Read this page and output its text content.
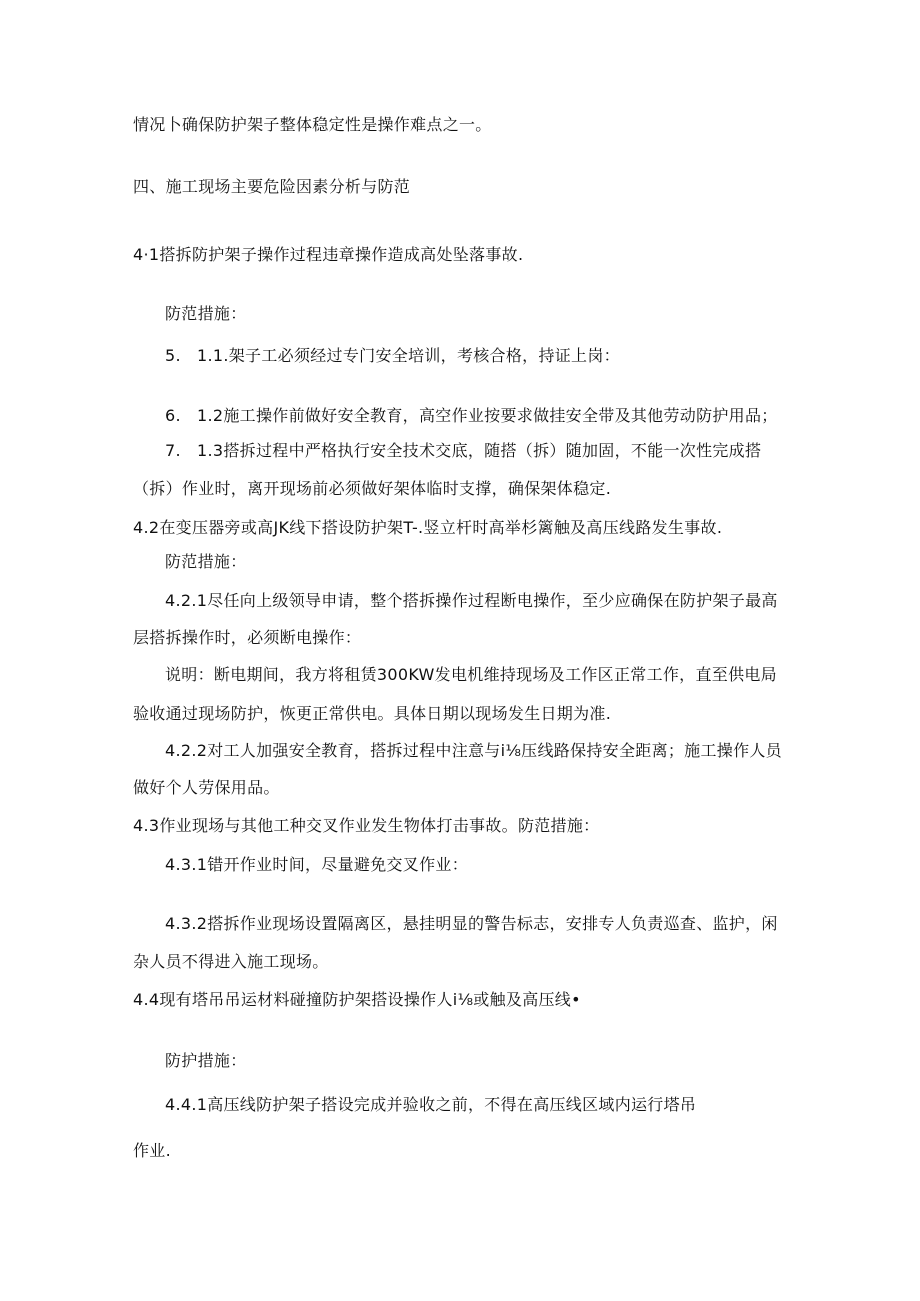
情况卜确保防护架子整体稳定性是操作难点之一。

四、施工现场主要危险因素分析与防范

4·1搭拆防护架子操作过程违章操作造成高处坠落事故.

防范措施：

5.   1.1.架子工必须经过专门安全培训，考核合格，持证上岗：

6.   1.2施工操作前做好安全教育，高空作业按要求做挂安全带及其他劳动防护用品；

7.   1.3搭拆过程中严格执行安全技术交底，随搭（拆）随加固，不能一次性完成搭

（拆）作业时，离开现场前必须做好架体临时支撑，确保架体稳定.

4.2在变压器旁或高JK线下搭设防护架T-.竖立杆时高举杉篱触及高压线路发生事故.

防范措施：

4.2.1尽任向上级领导申请，整个搭拆操作过程断电操作，至少应确保在防护架子最高

层搭拆操作时，必须断电操作：

说明：断电期间，我方将租赁300KW发电机维持现场及工作区正常工作，直至供电局

验收通过现场防护，恢更正常供电。具体日期以现场发生日期为准.

4.2.2对工人加强安全教育，搭拆过程中注意与i⅛压线路保持安全距离；施工操作人员

做好个人劳保用品。

4.3作业现场与其他工种交叉作业发生物体打击事故。防范措施：

4.3.1错开作业时间，尽量避免交叉作业：

4.3.2搭拆作业现场设置隔离区，悬挂明显的警告标志，安排专人负责巡查、监护，闲

杂人员不得进入施工现场。

4.4现有塔吊吊运材料碰撞防护架搭设操作人i⅛或触及高压线•

防护措施：

4.4.1高压线防护架子搭设完成并验收之前，不得在高压线区域内运行塔吊

作业.
